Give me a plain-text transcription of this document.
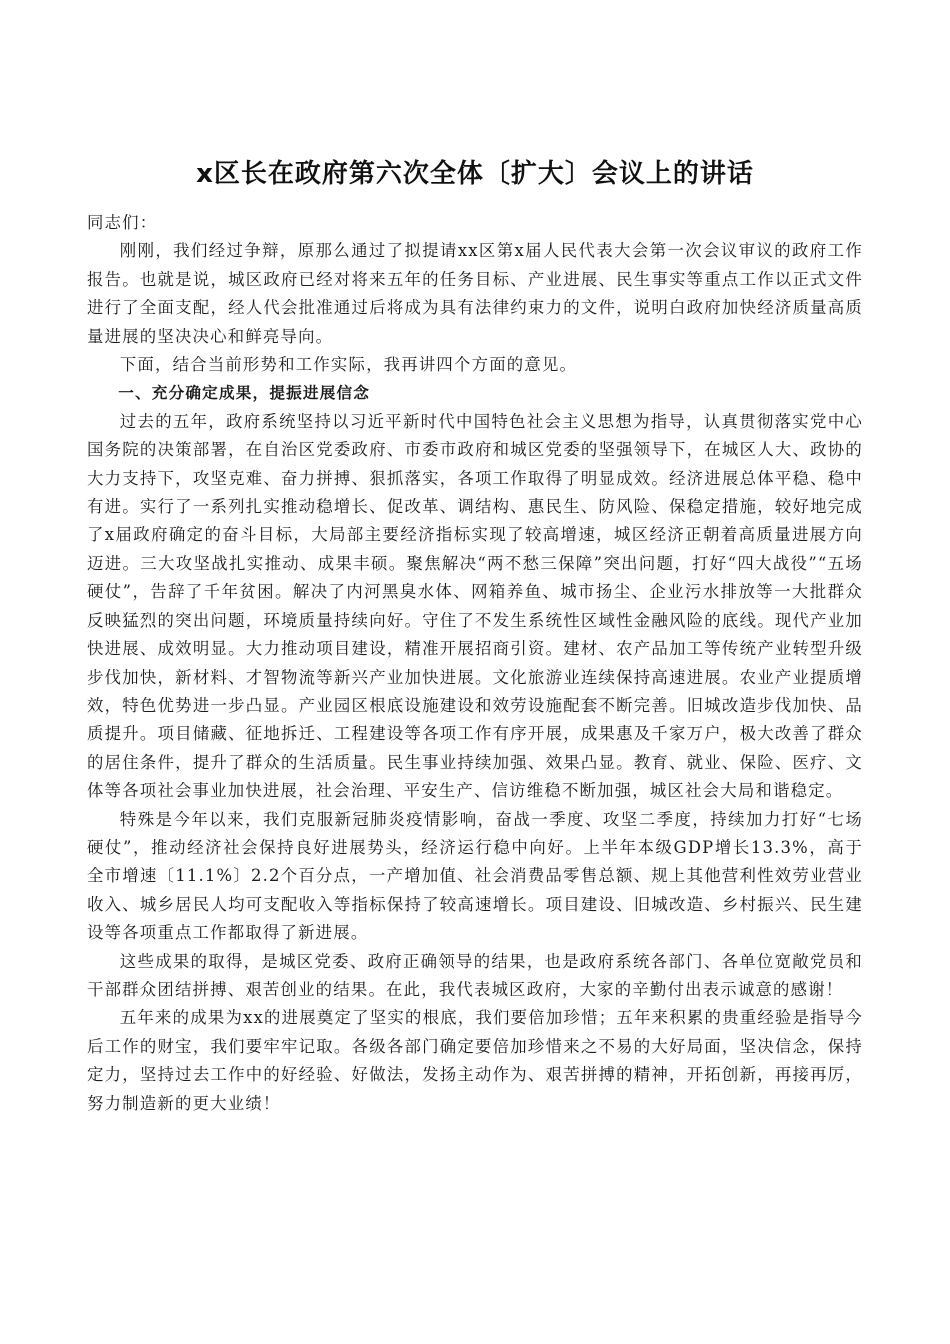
x区长在政府第六次全体〔扩大〕会议上的讲话

同志们：

刚刚，我们经过争辩，原那么通过了拟提请xx区第x届人民代表大会第一次会议审议的政府工作报告。也就是说，城区政府已经对将来五年的任务目标、产业进展、民生事实等重点工作以正式文件进行了全面支配，经人代会批准通过后将成为具有法律约束力的文件，说明白政府加快经济质量高质量进展的坚决决心和鲜亮导向。

下面，结合当前形势和工作实际，我再讲四个方面的意见。

一、充分确定成果，提振进展信念

过去的五年，政府系统坚持以习近平新时代中国特色社会主义思想为指导，认真贯彻落实党中心国务院的决策部署，在自治区党委政府、市委市政府和城区党委的坚强领导下，在城区人大、政协的大力支持下，攻坚克难、奋力拼搏、狠抓落实，各项工作取得了明显成效。经济进展总体平稳、稳中有进。实行了一系列扎实推动稳增长、促改革、调结构、惠民生、防风险、保稳定措施，较好地完成了x届政府确定的奋斗目标，大局部主要经济指标实现了较高增速，城区经济正朝着高质量进展方向迈进。三大攻坚战扎实推动、成果丰硕。聚焦解决“两不愁三保障”突出问题，打好“四大战役”“五场硬仗”，告辞了千年贫困。解决了内河黑臭水体、网箱养鱼、城市扬尘、企业污水排放等一大批群众反映猛烈的突出问题，环境质量持续向好。守住了不发生系统性区域性金融风险的底线。现代产业加快进展、成效明显。大力推动项目建设，精准开展招商引资。建材、农产品加工等传统产业转型升级步伐加快，新材料、才智物流等新兴产业加快进展。文化旅游业连续保持高速进展。农业产业提质增效，特色优势进一步凸显。产业园区根底设施建设和效劳设施配套不断完善。旧城改造步伐加快、品质提升。项目储藏、征地拆迁、工程建设等各项工作有序开展，成果惠及千家万户，极大改善了群众的居住条件，提升了群众的生活质量。民生事业持续加强、效果凸显。教育、就业、保险、医疗、文体等各项社会事业加快进展，社会治理、平安生产、信访维稳不断加强，城区社会大局和谐稳定。

特殊是今年以来，我们克服新冠肺炎疫情影响，奋战一季度、攻坚二季度，持续加力打好“七场硬仗”，推动经济社会保持良好进展势头，经济运行稳中向好。上半年本级GDP增长13.3%，高于全市增速〔11.1%〕2.2个百分点，一产增加值、社会消费品零售总额、规上其他营利性效劳业营业收入、城乡居民人均可支配收入等指标保持了较高速增长。项目建设、旧城改造、乡村振兴、民生建设等各项重点工作都取得了新进展。

这些成果的取得，是城区党委、政府正确领导的结果，也是政府系统各部门、各单位宽敞党员和干部群众团结拼搏、艰苦创业的结果。在此，我代表城区政府，大家的辛勤付出表示诚意的感谢！

五年来的成果为xx的进展奠定了坚实的根底，我们要倍加珍惜；五年来积累的贵重经验是指导今后工作的财宝，我们要牢牢记取。各级各部门确定要倍加珍惜来之不易的大好局面，坚决信念，保持定力，坚持过去工作中的好经验、好做法，发扬主动作为、艰苦拼搏的精神，开拓创新，再接再厉，努力制造新的更大业绩！
